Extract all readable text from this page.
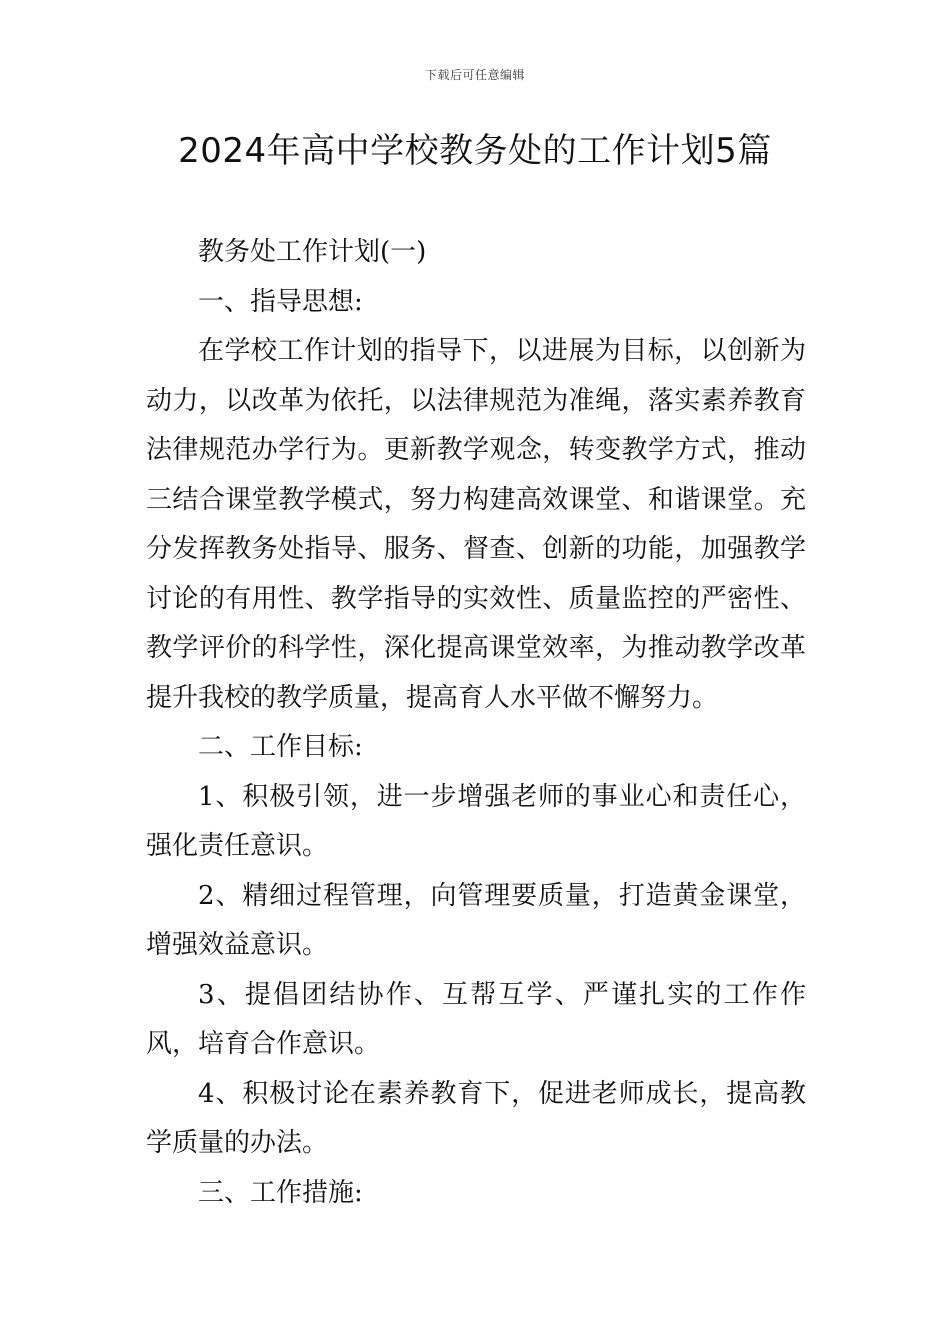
下载后可任意编辑
2024年高中学校教务处的工作计划5篇

教务处工作计划(一)

一、指导思想:

在学校工作计划的指导下，以进展为目标，以创新为动力，以改革为依托，以法律规范为准绳，落实素养教育法律规范办学行为。更新教学观念，转变教学方式，推动三结合课堂教学模式，努力构建高效课堂、和谐课堂。充分发挥教务处指导、服务、督查、创新的功能，加强教学讨论的有用性、教学指导的实效性、质量监控的严密性、教学评价的科学性，深化提高课堂效率，为推动教学改革提升我校的教学质量，提高育人水平做不懈努力。

二、工作目标:

1、积极引领，进一步增强老师的事业心和责任心，强化责任意识。

2、精细过程管理，向管理要质量，打造黄金课堂，增强效益意识。

3、提倡团结协作、互帮互学、严谨扎实的工作作风，培育合作意识。

4、积极讨论在素养教育下，促进老师成长，提高教学质量的办法。

三、工作措施:
